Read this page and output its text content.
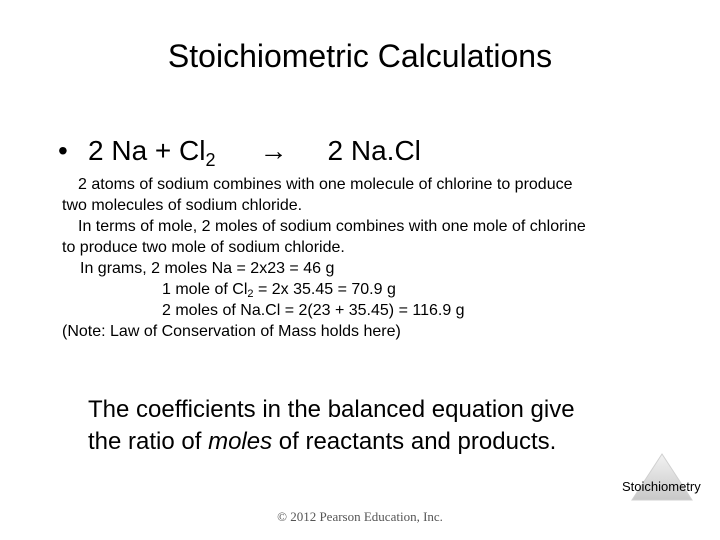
Stoichiometric Calculations
• 2 $Na + Cl_2 \to 2$ Na.Cl
2 atoms of sodium combines with one molecule of chlorine to produce
two molecules of sodium chloride.
In terms of mole, 2 moles of sodium combines with one mole of chlorine
to produce two mole of sodium chloride.
In grams, 2 moles Na = 2x23 = 46 g
1 mole of $Cl_2 = 2x$ 35.45 = 70.9 g
2 moles of Na.Cl = 2(23 + 35.45) = 116.9 g
(Note: Law of Conservation of Mass holds here)
The coefficients in the balanced equation give
the ratio of moles of reactants and products.
Stoichiometry
© 2012 Pearson Education, Inc.
